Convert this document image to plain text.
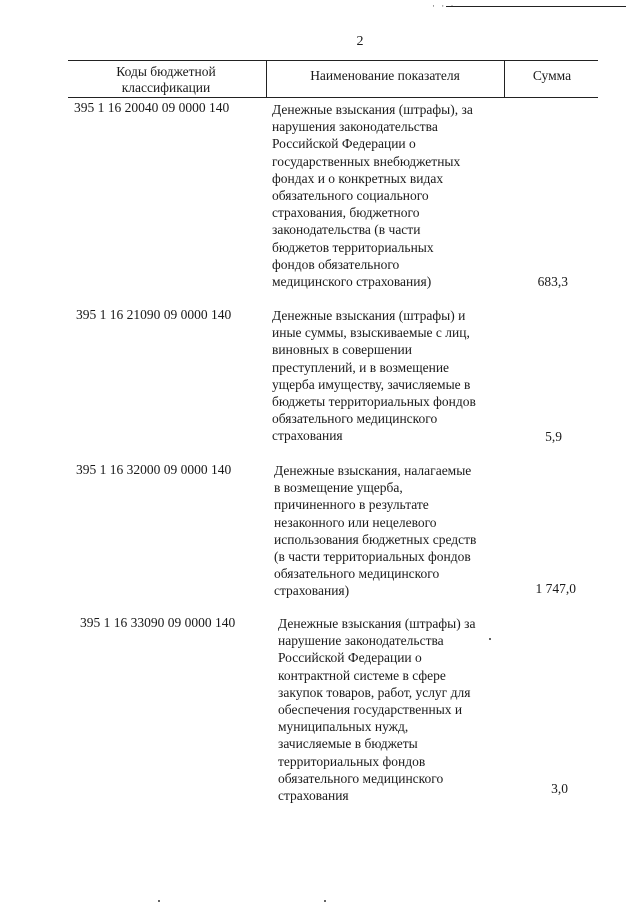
· · ·
2
Коды бюджетной
классификации
Наименование показателя	Сумма
395 1 16 20040 09 0000 140	Денежные взыскания (штрафы), за
нарушения законодательства
Российской Федерации о
государственных внебюджетных
фондах и о конкретных видах
обязательного социального
страхования, бюджетного
законодательства (в части
бюджетов территориальных
фондов обязательного
медицинского страхования)	683,3
395 1 16 21090 09 0000 140	Денежные взыскания (штрафы) и
иные суммы, взыскиваемые с лиц,
виновных в совершении
преступлений, и в возмещение
ущерба имуществу, зачисляемые в
бюджеты территориальных фондов
обязательного медицинского
страхования	5,9
395 1 16 32000 09 0000 140	Денежные взыскания, налагаемые
в возмещение ущерба,
причиненного в результате
незаконного или нецелевого
использования бюджетных средств
(в части территориальных фондов
обязательного медицинского
страхования)	1 747,0
395 1 16 33090 09 0000 140	Денежные взыскания (штрафы) за
нарушение законодательства
Российской Федерации о
контрактной системе в сфере
закупок товаров, работ, услуг для
обеспечения государственных и
муниципальных нужд,
зачисляемые в бюджеты
территориальных фондов
обязательного медицинского
страхования	3,0
